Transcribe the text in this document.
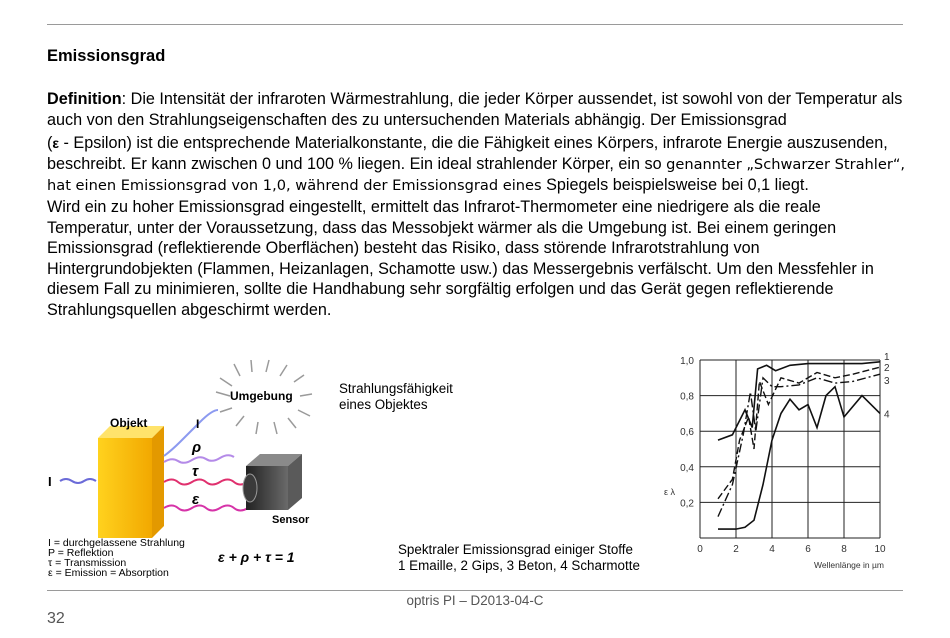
Emissionsgrad

Definition: Die Intensität der infraroten Wärmestrahlung, die jeder Körper aussendet, ist sowohl von der Temperatur als auch von den Strahlungseigenschaften des zu untersuchenden Materials abhängig. Der Emissionsgrad

(ε - Epsilon) ist die entsprechende Materialkonstante, die die Fähigkeit eines Körpers, infrarote Energie auszusenden, beschreibt. Er kann zwischen 0 und 100 % liegen. Ein ideal strahlender Körper, ein so genannter „Schwarzer Strahler“, hat einen Emissionsgrad von 1,0, während der Emissionsgrad eines Spiegels beispielsweise bei 0,1 liegt.

Wird ein zu hoher Emissionsgrad eingestellt, ermittelt das Infrarot-Thermometer eine niedrigere als die reale Temperatur, unter der Voraussetzung, dass das Messobjekt wärmer als die Umgebung ist. Bei einem geringen Emissionsgrad (reflektierende Oberflächen) besteht das Risiko, dass störende Infrarotstrahlung von Hintergrundobjekten (Flammen, Heizanlagen, Schamotte usw.) das Messergebnis verfälscht. Um den Messfehler in diesem Fall zu minimieren, sollte die Handhabung sehr sorgfältig erfolgen und das Gerät gegen reflektierende Strahlungsquellen abgeschirmt werden.

Umgebung
Objekt
I
I
ρ
τ
ε
Sensor
I = durchgelassene Strahlung
P = Reflektion
τ = Transmission
ε = Emission = Absorption
ε + ρ + τ = 1
Strahlungsfähigkeit
eines Objektes
Spektraler Emissionsgrad einiger Stoffe
1 Emaille, 2 Gips, 3 Beton, 4 Scharmotte
0	2	4	6	8	10
0,2
0,4
0,6
0,8
1,0	1
2
3
4
ε λ
Wellenlänge in µm
optris PI – D2013-04-C
32
